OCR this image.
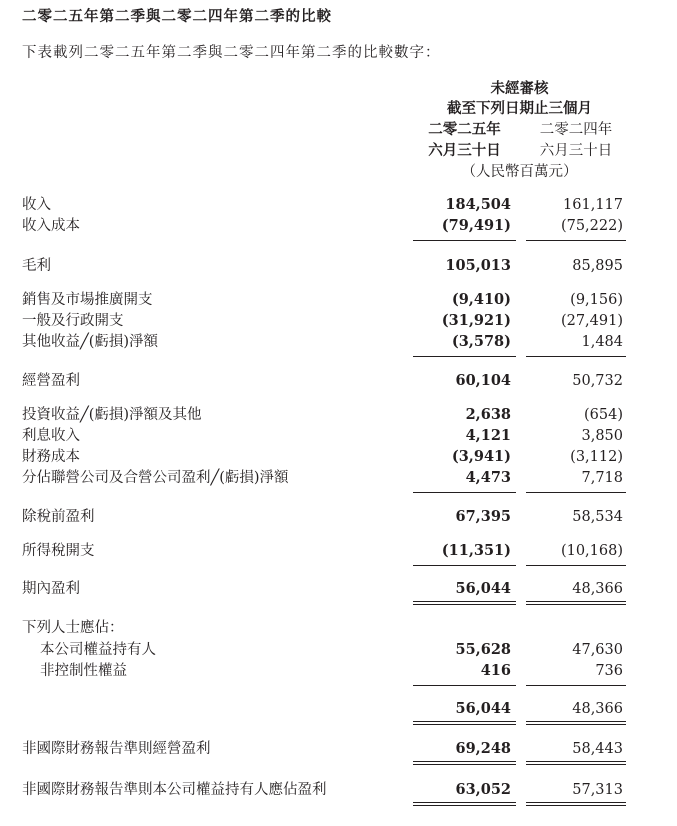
二零二五年第二季與二零二四年第二季的比較
下表載列二零二五年第二季與二零二四年第二季的比較數字：
未經審核
截至下列日期止三個月
二零二五年	二零二四年
六月三十日	六月三十日
（人民幣百萬元）
收入	184,504	161,117
收入成本	(79,491)	(75,222)
毛利	105,013	85,895
銷售及市場推廣開支	(9,410)	(9,156)
一般及行政開支	(31,921)	(27,491)
其他收益╱(虧損)淨額	(3,578)	1,484
經營盈利	60,104	50,732
投資收益╱(虧損)淨額及其他	2,638	(654)
利息收入	4,121	3,850
財務成本	(3,941)	(3,112)
分佔聯營公司及合營公司盈利╱(虧損)淨額	4,473	7,718
除稅前盈利	67,395	58,534
所得稅開支	(11,351)	(10,168)
期內盈利	56,044	48,366
下列人士應佔：
本公司權益持有人	55,628	47,630
非控制性權益	416	736
56,044	48,366
非國際財務報告準則經營盈利	69,248	58,443
非國際財務報告準則本公司權益持有人應佔盈利	63,052	57,313
